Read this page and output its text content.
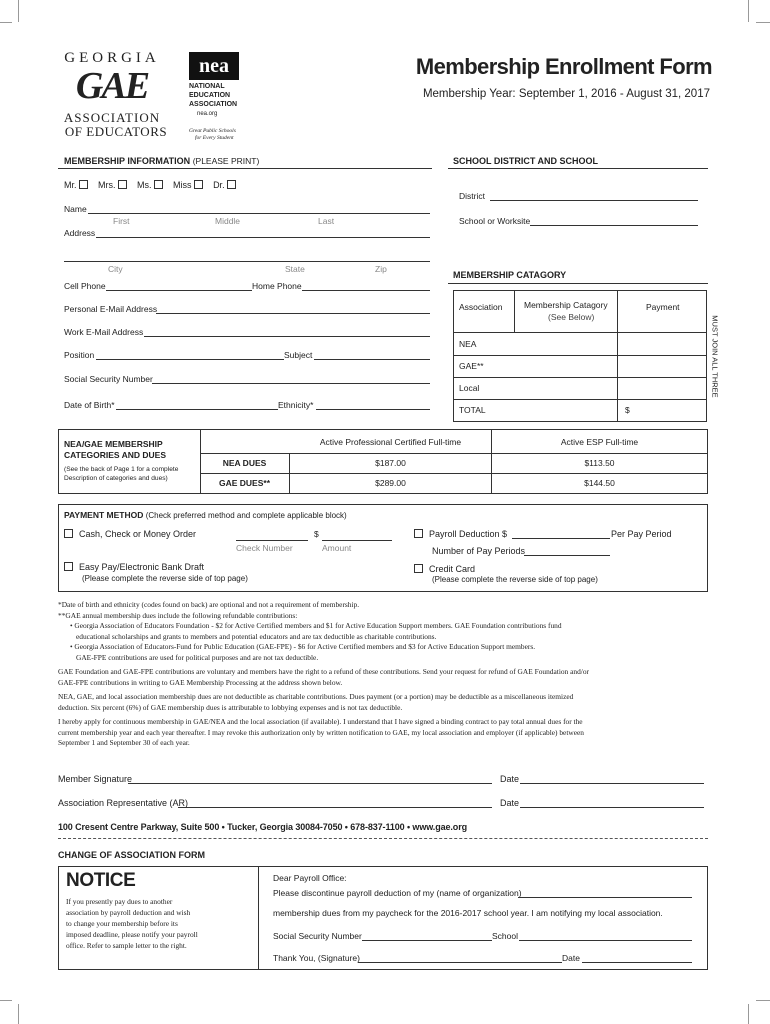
GEORGIA
GAE
ASSOCIATION
OF EDUCATORS
nea
NATIONAL
EDUCATION
ASSOCIATION
nea.org
Great Public Schools
for Every Student
Membership Enrollment Form
Membership Year: September 1, 2016 - August 31, 2017
MEMBERSHIP INFORMATION (PLEASE PRINT)
Mr. Mrs. Ms. Miss Dr.
Name
First	Middle	Last
Address
City	State	Zip
Cell Phone	Home Phone
Personal E-Mail Address
Work E-Mail Address
Position	Subject
Social Security Number
Date of Birth*	Ethnicity*
SCHOOL DISTRICT AND SCHOOL
District
School or Worksite
MEMBERSHIP CATAGORY
Association	Membership Catagory
(See Below)
Payment
NEA
GAE**
Local
TOTAL	$
MUST JOIN ALL THREE
NEA/GAE MEMBERSHIP
CATEGORIES AND DUES
(See the back of Page 1 for a complete Description of categories and dues)
Active Professional Certified Full-time	Active ESP Full-time
NEA DUES	$187.00	$113.50
GAE DUES**	$289.00	$144.50
PAYMENT METHOD (Check preferred method and complete applicable block)
Cash, Check or Money Order	$
Check Number	Amount
Easy Pay/Electronic Bank Draft
(Please complete the reverse side of top page)
Payroll Deduction $	Per Pay Period
Number of Pay Periods
Credit Card
(Please complete the reverse side of top page)
*Date of birth and ethnicity (codes found on back) are optional and not a requirement of membership.
**GAE annual membership dues include the following refundable contributions:
• Georgia Association of Educators Foundation - $2 for Active Certified members and $1 for Active Education Support members. GAE Foundation contributions fund
educational scholarships and grants to members and potential educators and are tax deductible as charitable contributions.
• Georgia Association of Educators-Fund for Public Education (GAE-FPE) - $6 for Active Certified members and $3 for Active Education Support members.
GAE-FPE contributions are used for political purposes and are not tax deductible.
GAE Foundation and GAE-FPE contributions are voluntary and members have the right to a refund of these contributions. Send your request for refund of GAE Foundation and/or
GAE-FPE contributions in writing to GAE Membership Processing at the address shown below.
NEA, GAE, and local association membership dues are not deductible as charitable contributions. Dues payment (or a portion) may be deductible as a miscellaneous itemized
deduction. Six percent (6%) of GAE membership dues is attributable to lobbying expenses and is not tax deductible.
I hereby apply for continuous membership in GAE/NEA and the local association (if available). I understand that I have signed a binding contract to pay total annual dues for the
current membership year and each year thereafter. I may revoke this authorization only by written notification to GAE, my local association and employer (if applicable) between
September 1 and September 30 of each year.
Member Signature	Date
Association Representative (AR)	Date
100 Cresent Centre Parkway, Suite 500 • Tucker, Georgia 30084-7050 • 678-837-1100 • www.gae.org
CHANGE OF ASSOCIATION FORM
NOTICE
If you presently pay dues to another
association by payroll deduction and wish
to change your membership before its
imposed deadline, please notify your payroll
office. Refer to sample letter to the right.
Dear Payroll Office:
Please discontinue payroll deduction of my (name of organization)
membership dues from my paycheck for the 2016-2017 school year. I am notifying my local association.
Social Security Number	School
Thank You, (Signature)	Date
